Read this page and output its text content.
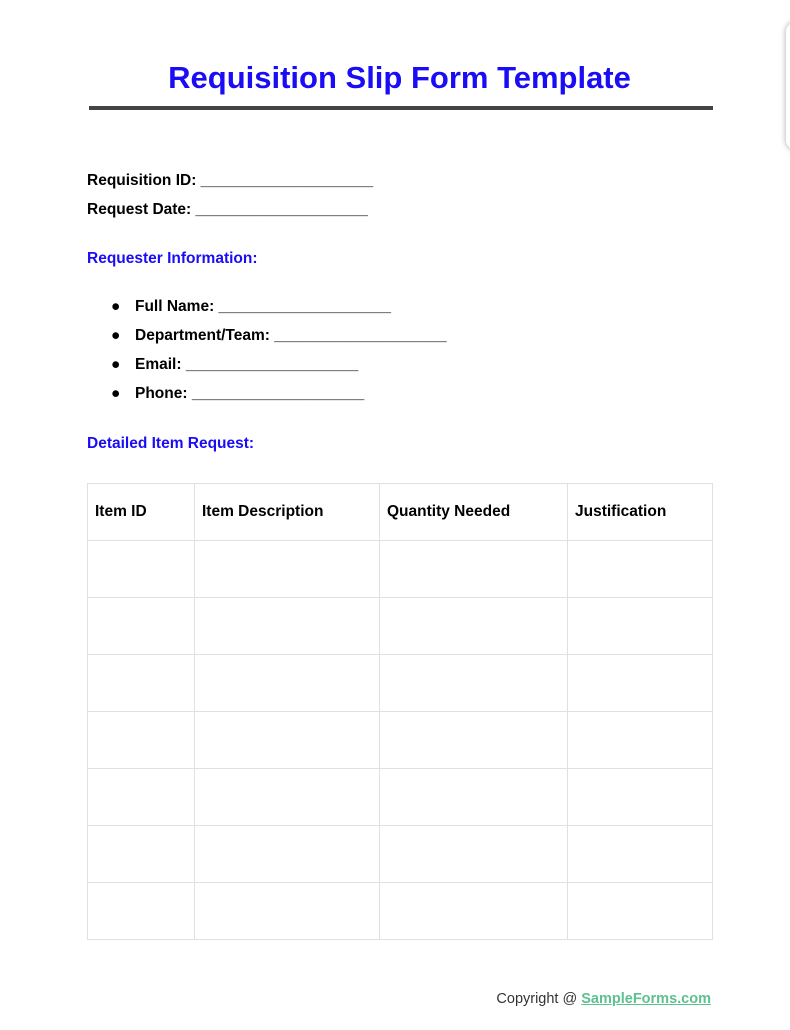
Requisition Slip Form Template
Requisition ID: ____________________
Request Date: ____________________
Requester Information:
● Full Name: ____________________
● Department/Team: ____________________
● Email: ____________________
● Phone: ____________________
Detailed Item Request:
Item ID	Item Description	Quantity Needed	Justification

Copyright @ SampleForms.com
